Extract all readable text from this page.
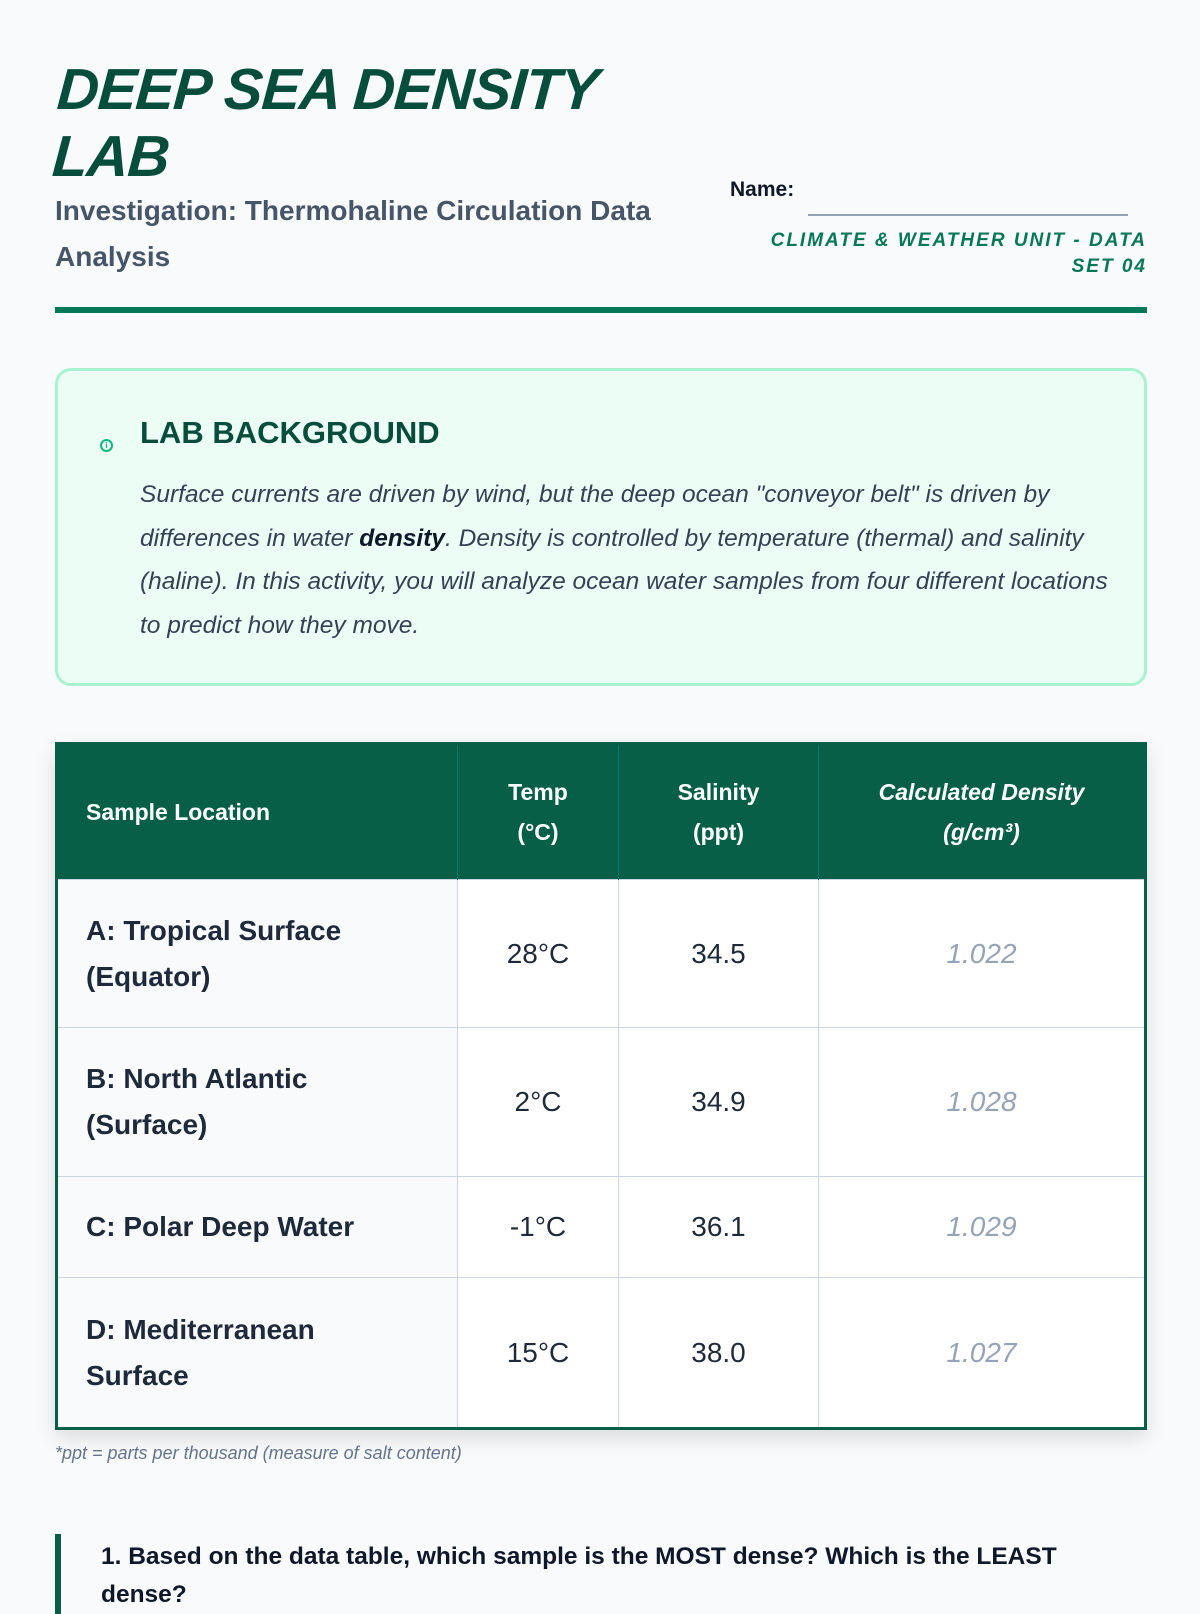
DEEP SEA DENSITY LAB
Investigation: Thermohaline Circulation Data Analysis
Name:
CLIMATE & WEATHER UNIT - DATA SET 04
i LAB BACKGROUND

Surface currents are driven by wind, but the deep ocean "conveyor belt" is driven by differences in water density. Density is controlled by temperature (thermal) and salinity (haline). In this activity, you will analyze ocean water samples from four different locations to predict how they move.

Sample Location	Temp (°C)	Salinity (ppt)	Calculated Density (g/cm³)
A: Tropical Surface (Equator)	28°C	34.5	1.022
B: North Atlantic (Surface)	2°C	34.9	1.028
C: Polar Deep Water	-1°C	36.1	1.029
D: Mediterranean Surface	15°C	38.0	1.027
*ppt = parts per thousand (measure of salt content)
1. Based on the data table, which sample is the MOST dense? Which is the LEAST dense?
